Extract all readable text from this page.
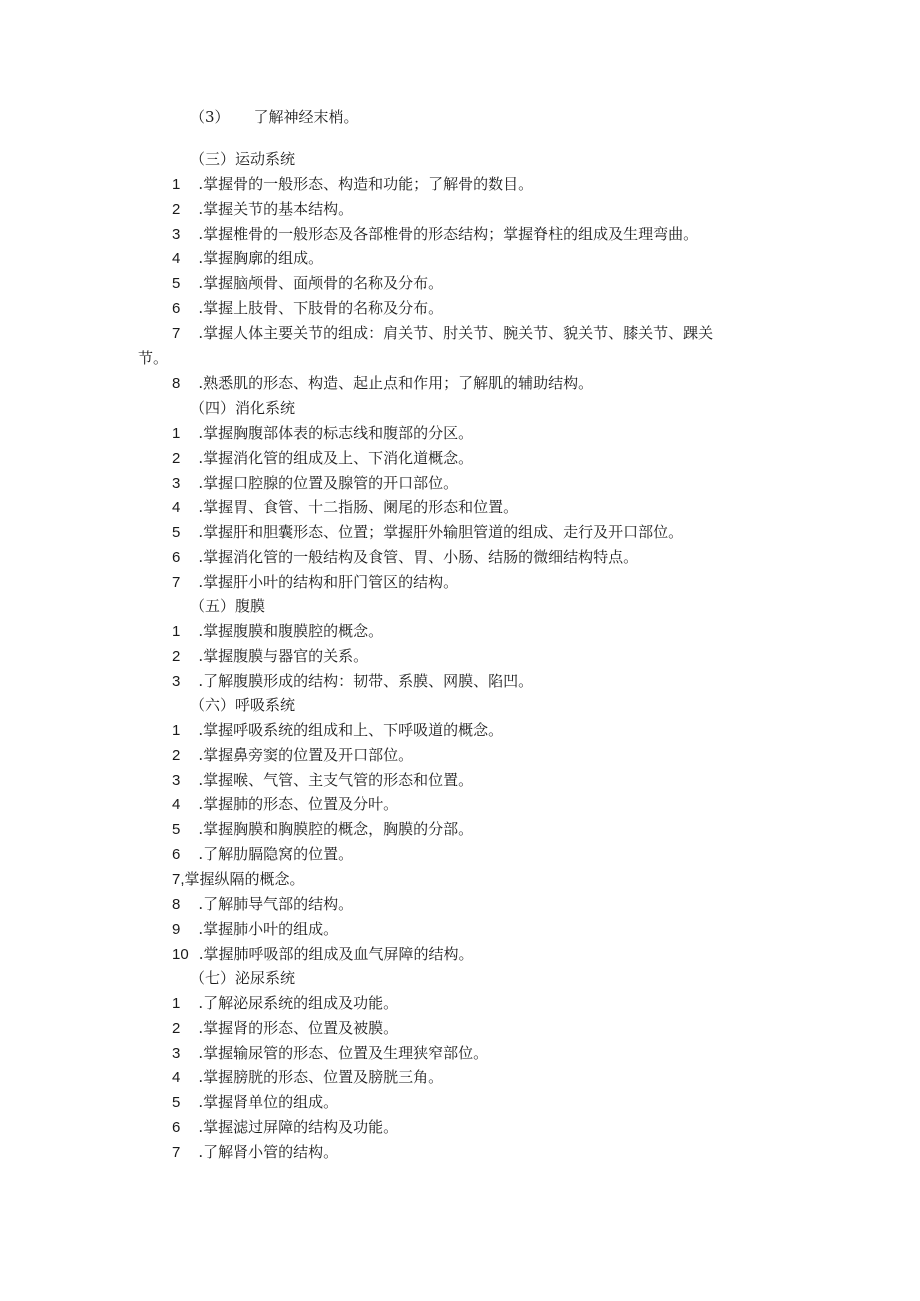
（3） 了解神经末梢。
（三）运动系统
1 .掌握骨的一般形态、构造和功能；了解骨的数目。
2 .掌握关节的基本结构。
3 .掌握椎骨的一般形态及各部椎骨的形态结构；掌握脊柱的组成及生理弯曲。
4 .掌握胸廓的组成。
5 .掌握脑颅骨、面颅骨的名称及分布。
6 .掌握上肢骨、下肢骨的名称及分布。
7 .掌握人体主要关节的组成：肩关节、肘关节、腕关节、貌关节、膝关节、踝关
节。
8 .熟悉肌的形态、构造、起止点和作用；了解肌的辅助结构。
（四）消化系统
1 .掌握胸腹部体表的标志线和腹部的分区。
2 .掌握消化管的组成及上、下消化道概念。
3 .掌握口腔腺的位置及腺管的开口部位。
4 .掌握胃、食管、十二指肠、阑尾的形态和位置。
5 .掌握肝和胆囊形态、位置；掌握肝外输胆管道的组成、走行及开口部位。
6 .掌握消化管的一般结构及食管、胃、小肠、结肠的微细结构特点。
7 .掌握肝小叶的结构和肝门管区的结构。
（五）腹膜
1 .掌握腹膜和腹膜腔的概念。
2 .掌握腹膜与器官的关系。
3 .了解腹膜形成的结构：韧带、系膜、网膜、陷凹。
（六）呼吸系统
1 .掌握呼吸系统的组成和上、下呼吸道的概念。
2 .掌握鼻旁窦的位置及开口部位。
3 .掌握喉、气管、主支气管的形态和位置。
4 .掌握肺的形态、位置及分叶。
5 .掌握胸膜和胸膜腔的概念，胸膜的分部。
6 .了解肋膈隐窝的位置。
7,掌握纵隔的概念。
8 .了解肺导气部的结构。
9 .掌握肺小叶的组成。
10 .掌握肺呼吸部的组成及血气屏障的结构。
（七）泌尿系统
1 .了解泌尿系统的组成及功能。
2 .掌握肾的形态、位置及被膜。
3 .掌握输尿管的形态、位置及生理狭窄部位。
4 .掌握膀胱的形态、位置及膀胱三角。
5 .掌握肾单位的组成。
6 .掌握滤过屏障的结构及功能。
7 .了解肾小管的结构。
